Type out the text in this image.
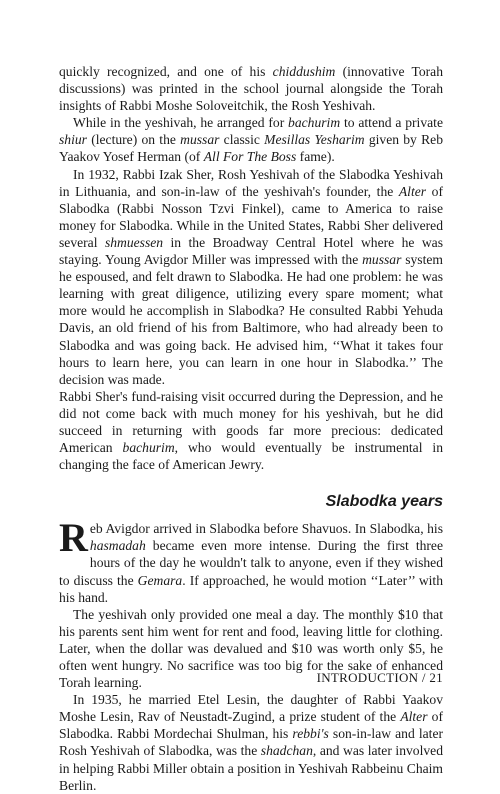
quickly recognized, and one of his chiddushim (innovative Torah discussions) was printed in the school journal alongside the Torah insights of Rabbi Moshe Soloveitchik, the Rosh Yeshivah.

While in the yeshivah, he arranged for bachurim to attend a private shiur (lecture) on the mussar classic Mesillas Yesharim given by Reb Yaakov Yosef Herman (of All For The Boss fame).

In 1932, Rabbi Izak Sher, Rosh Yeshivah of the Slabodka Yeshivah in Lithuania, and son-in-law of the yeshivah's founder, the Alter of Slabodka (Rabbi Nosson Tzvi Finkel), came to America to raise money for Slabodka. While in the United States, Rabbi Sher delivered several shmuessen in the Broadway Central Hotel where he was staying. Young Avigdor Miller was impressed with the mussar system he espoused, and felt drawn to Slabodka. He had one problem: he was learning with great diligence, utilizing every spare moment; what more would he accomplish in Slabodka? He consulted Rabbi Yehuda Davis, an old friend of his from Baltimore, who had already been to Slabodka and was going back. He advised him, ‘‘What it takes four hours to learn here, you can learn in one hour in Slabodka.’’ The decision was made.

Rabbi Sher's fund-raising visit occurred during the Depression, and he did not come back with much money for his yeshivah, but he did succeed in returning with goods far more precious: dedicated American bachurim, who would eventually be instrumental in changing the face of American Jewry.

Slabodka years

Reb Avigdor arrived in Slabodka before Shavuos. In Slabodka, his hasmadah became even more intense. During the first three hours of the day he wouldn't talk to anyone, even if they wished to discuss the Gemara. If approached, he would motion ‘‘Later’’ with his hand.

The yeshivah only provided one meal a day. The monthly $10 that his parents sent him went for rent and food, leaving little for clothing. Later, when the dollar was devalued and $10 was worth only $5, he often went hungry. No sacrifice was too big for the sake of enhanced Torah learning.

In 1935, he married Etel Lesin, the daughter of Rabbi Yaakov Moshe Lesin, Rav of Neustadt-Zugind, a prize student of the Alter of Slabodka. Rabbi Mordechai Shulman, his rebbi's son-in-law and later Rosh Yeshivah of Slabodka, was the shadchan, and was later involved in helping Rabbi Miller obtain a position in Yeshivah Rabbeinu Chaim Berlin.

INTRODUCTION / 21
